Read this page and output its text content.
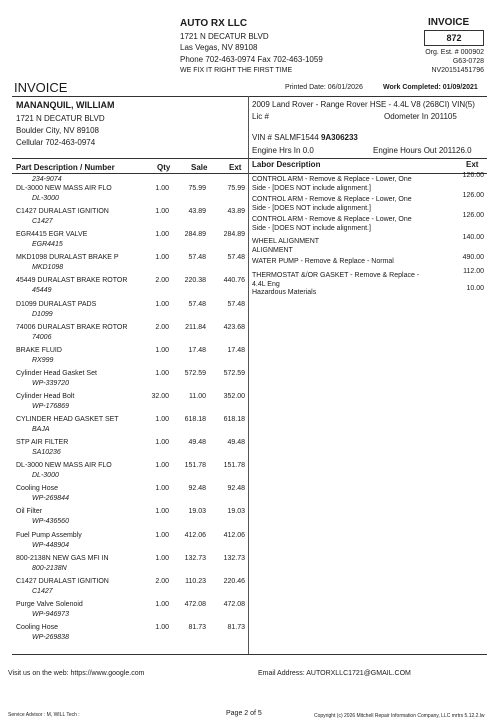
AUTO RX LLC
1721 N DECATUR BLVD
Las Vegas, NV 89108
Phone 702-463-0974 Fax 702-463-1059
WE FIX IT RIGHT THE FIRST TIME
INVOICE
872
Org. Est. # 000902
G63-0728
NV20151451796
INVOICE	Printed Date: 06/01/2026	Work Completed: 01/09/2021
MANANQUIL, WILLIAM
1721 N DECATUR BLVD
Boulder City, NV 89108
Cellular 702-463-0974
2009 Land Rover - Range Rover HSE - 4.4L V8 (268CI) VIN(5)
Lic #	Odometer In 201105
VIN # SALMF1544 9A306233
Engine Hrs In 0.0	Engine Hours Out 201126.0
Part Description / Number	Qty	Sale	Ext Labor Description	Ext
234-9074
DL-3000 NEW MASS AIR FLO
DL-3000
1.00	75.99	75.99
C1427 DURALAST IGNITION
C1427
1.00	43.89	43.89
EGR4415 EGR VALVE
EGR4415
1.00	284.89	284.89
MKD1098 DURALAST BRAKE P
MKD1098
1.00	57.48	57.48
45449 DURALAST BRAKE ROTOR
45449
2.00	220.38	440.76
D1099 DURALAST PADS
D1099
1.00	57.48	57.48
74006 DURALAST BRAKE ROTOR
74006
2.00	211.84	423.68
BRAKE FLUID
RX999
1.00	17.48	17.48
Cylinder Head Gasket Set
WP-339720
1.00	572.59	572.59
Cylinder Head Bolt
WP-176869
32.00	11.00	352.00
CYLINDER HEAD GASKET SET
BAJA
1.00	618.18	618.18
STP AIR FILTER
SA10236
1.00	49.48	49.48
DL-3000 NEW MASS AIR FLO
DL-3000
1.00	151.78	151.78
Cooling Hose
WP-269844
1.00	92.48	92.48
Oil Filter
WP-436560
1.00	19.03	19.03
Fuel Pump Assembly
WP-448904
1.00	412.06	412.06
800-2138N NEW GAS MFI IN
800-2138N
1.00	132.73	132.73
C1427 DURALAST IGNITION
C1427
2.00	110.23	220.46
Purge Valve Solenoid
WP-946973
1.00	472.08	472.08
Cooling Hose
WP-269838
1.00	81.73	81.73
CONTROL ARM - Remove & Replace - Lower, One
Side - [DOES NOT include alignment.]
126.00
CONTROL ARM - Remove & Replace - Lower, One
Side - [DOES NOT include alignment.]
126.00
CONTROL ARM - Remove & Replace - Lower, One
Side - [DOES NOT include alignment.]
126.00
WHEEL ALIGNMENT
ALIGNMENT
140.00
WATER PUMP - Remove & Replace - Normal
490.00
THERMOSTAT &/OR GASKET - Remove & Replace -
4.4L Eng
112.00
Hazardous Materials
10.00
Visit us on the web: https://www.google.com	Email Address: AUTORXLLC1721@GMAIL.COM
Service Advisor : M, WILL Tech :	Page 2 of 5	Copyright (c) 2026 Mitchell Repair Information Company, LLC mrtrs 5.12.2.lw
